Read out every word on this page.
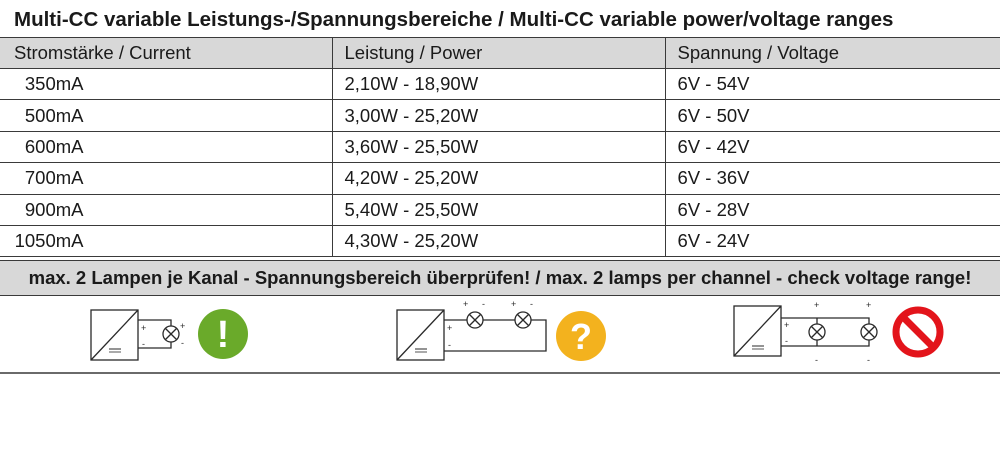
Multi-CC variable Leistungs-/Spannungsbereiche / Multi-CC variable power/voltage ranges
Stromstärke / Current	Leistung / Power	Spannung / Voltage
350mA	2,10W - 18,90W	6V - 54V
500mA	3,00W - 25,20W	6V - 50V
600mA	3,60W - 25,50W	6V - 42V
700mA	4,20W - 25,20W	6V - 36V
900mA	5,40W - 25,50W	6V - 28V
1050mA	4,30W - 25,20W	6V - 24V
max. 2 Lampen je Kanal - Spannungsbereich überprüfen! / max. 2 lamps per channel - check voltage range!
+
-
+
- !	+
-
+ -	+ -
?	+
-
+
-
+
-
